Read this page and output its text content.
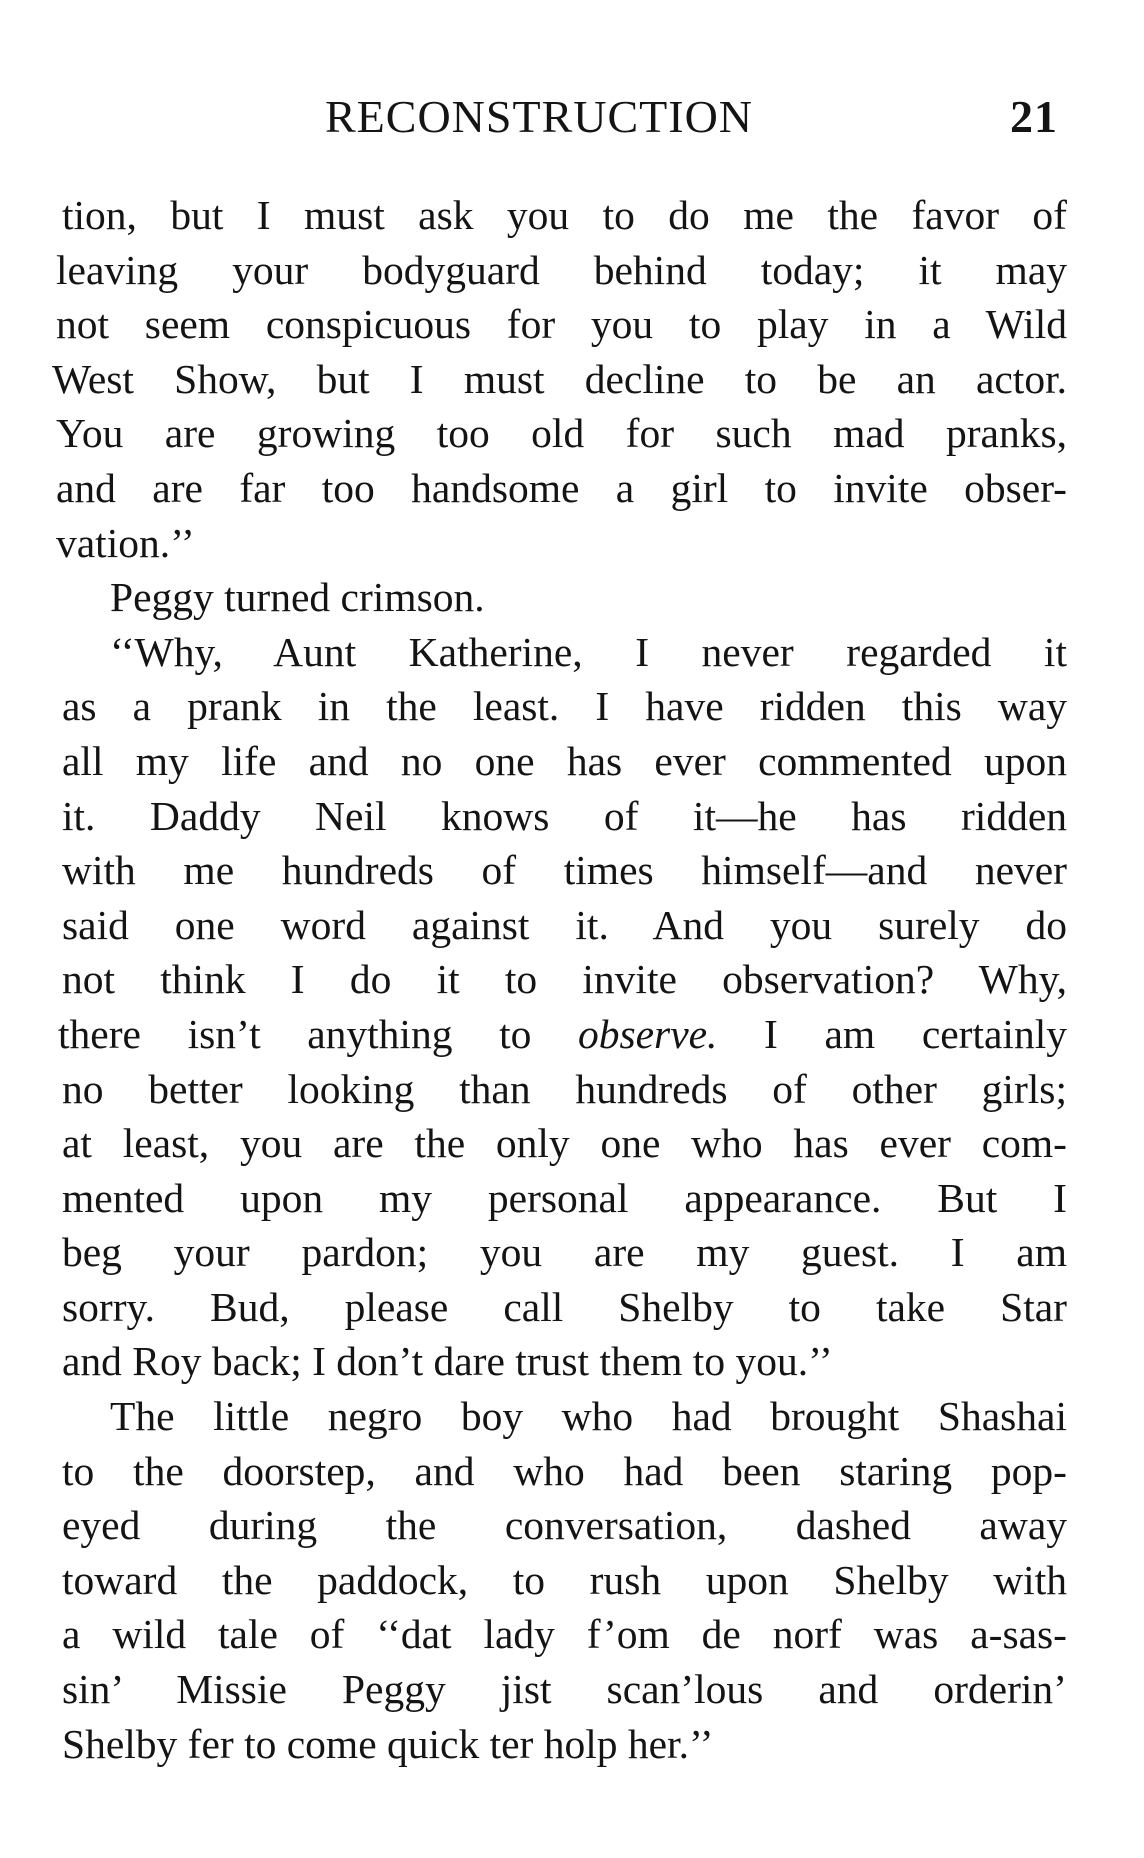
RECONSTRUCTION	21
tion, but I must ask you to do me the favor of
leaving your bodyguard behind today; it may
not seem conspicuous for you to play in a Wild
West Show, but I must decline to be an actor.
You are growing too old for such mad pranks,
and are far too handsome a girl to invite obser-
vation.’’
Peggy turned crimson.
‘‘Why, Aunt Katherine, I never regarded it
as a prank in the least. I have ridden this way
all my life and no one has ever commented upon
it. Daddy Neil knows of it—he has ridden
with me hundreds of times himself—and never
said one word against it. And you surely do
not think I do it to invite observation? Why,
there isn’t anything to observe. I am certainly
no better looking than hundreds of other girls;
at least, you are the only one who has ever com-
mented upon my personal appearance. But I
beg your pardon; you are my guest. I am
sorry. Bud, please call Shelby to take Star
and Roy back; I don’t dare trust them to you.’’
The little negro boy who had brought Shashai
to the doorstep, and who had been staring pop-
eyed during the conversation, dashed away
toward the paddock, to rush upon Shelby with
a wild tale of ‘‘dat lady f’om de norf was a-sas-
sin’ Missie Peggy jist scan’lous and orderin’
Shelby fer to come quick ter holp her.’’
